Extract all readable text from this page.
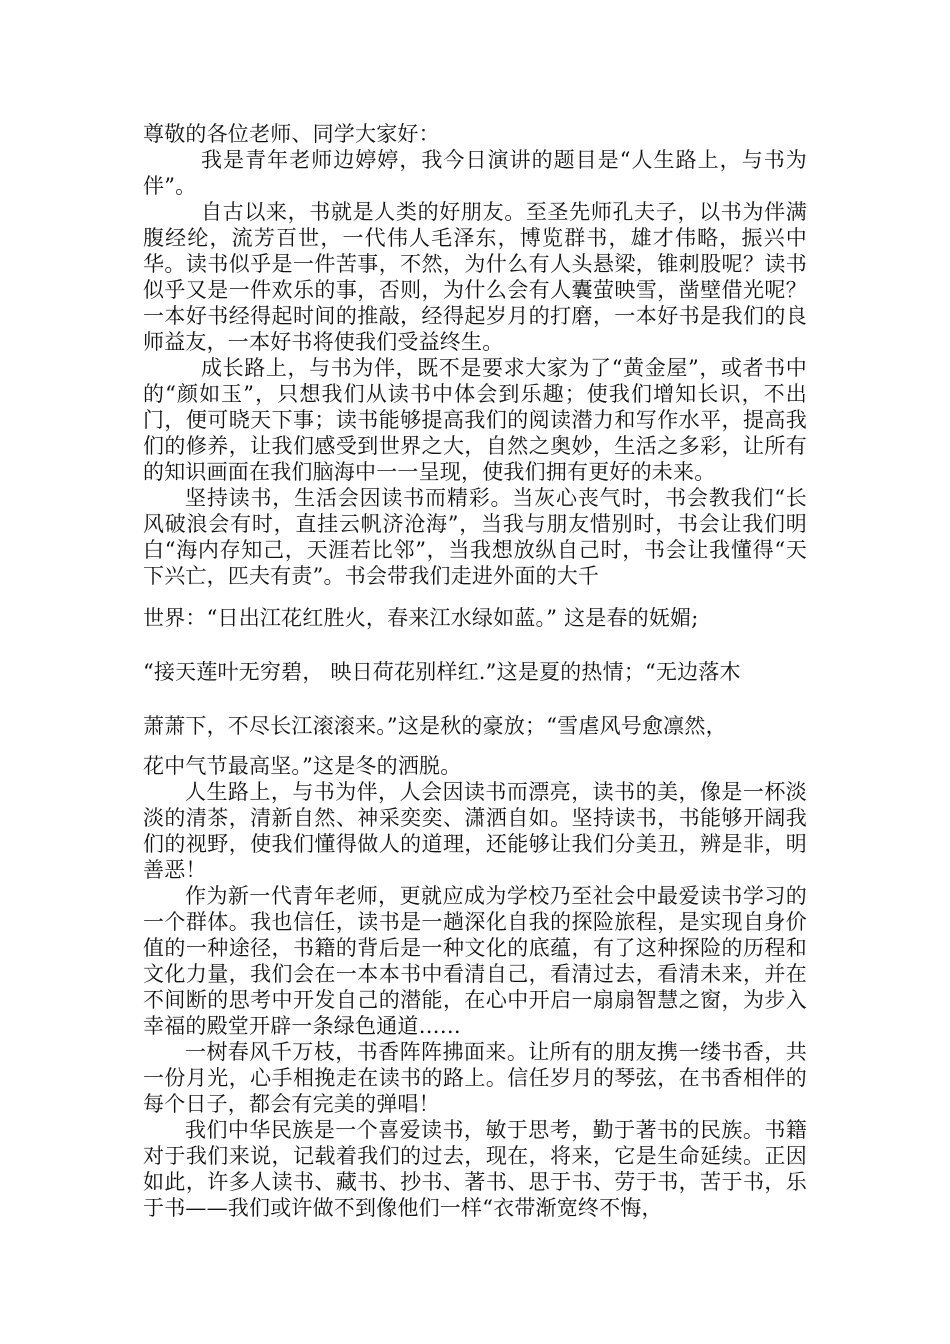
尊敬的各位老师、同学大家好：

我是青年老师边婷婷，我今日演讲的题目是“人生路上，与书为伴”。

自古以来，书就是人类的好朋友。至圣先师孔夫子，以书为伴满腹经纶，流芳百世，一代伟人毛泽东，博览群书，雄才伟略，振兴中华。读书似乎是一件苦事，不然，为什么有人头悬梁，锥刺股呢？读书似乎又是一件欢乐的事，否则，为什么会有人囊萤映雪，凿壁借光呢？一本好书经得起时间的推敲，经得起岁月的打磨，一本好书是我们的良师益友，一本好书将使我们受益终生。

成长路上，与书为伴，既不是要求大家为了“黄金屋”，或者书中的“颜如玉”，只想我们从读书中体会到乐趣；使我们增知长识，不出门，便可晓天下事；读书能够提高我们的阅读潜力和写作水平，提高我们的修养，让我们感受到世界之大，自然之奥妙，生活之多彩，让所有的知识画面在我们脑海中一一呈现，使我们拥有更好的未来。

坚持读书，生活会因读书而精彩。当灰心丧气时，书会教我们“长风破浪会有时，直挂云帆济沧海”，当我与朋友惜别时，书会让我们明白“海内存知己，天涯若比邻”，当我想放纵自己时，书会让我懂得“天下兴亡，匹夫有责”。书会带我们走进外面的大千

世界：“日出江花红胜火，春来江水绿如蓝。” 这是春的妩媚;

“接天莲叶无穷碧， 映日荷花别样红.”这是夏的热情；“无边落木

萧萧下，不尽长江滚滚来。”这是秋的豪放；“雪虐风号愈凛然，

花中气节最高坚。”这是冬的洒脱。

人生路上，与书为伴，人会因读书而漂亮，读书的美，像是一杯淡淡的清茶，清新自然、神采奕奕、潇洒自如。坚持读书，书能够开阔我们的视野，使我们懂得做人的道理，还能够让我们分美丑，辨是非，明善恶！

作为新一代青年老师，更就应成为学校乃至社会中最爱读书学习的一个群体。我也信任，读书是一趟深化自我的探险旅程，是实现自身价值的一种途径，书籍的背后是一种文化的底蕴，有了这种探险的历程和文化力量，我们会在一本本书中看清自己，看清过去，看清未来，并在不间断的思考中开发自己的潜能，在心中开启一扇扇智慧之窗，为步入幸福的殿堂开辟一条绿色通道……

一树春风千万枝，书香阵阵拂面来。让所有的朋友携一缕书香，共一份月光，心手相挽走在读书的路上。信任岁月的琴弦，在书香相伴的每个日子，都会有完美的弹唱！

我们中华民族是一个喜爱读书，敏于思考，勤于著书的民族。书籍对于我们来说，记载着我们的过去，现在，将来，它是生命延续。正因如此，许多人读书、藏书、抄书、著书、思于书、劳于书，苦于书，乐于书——我们或许做不到像他们一样“衣带渐宽终不悔，
